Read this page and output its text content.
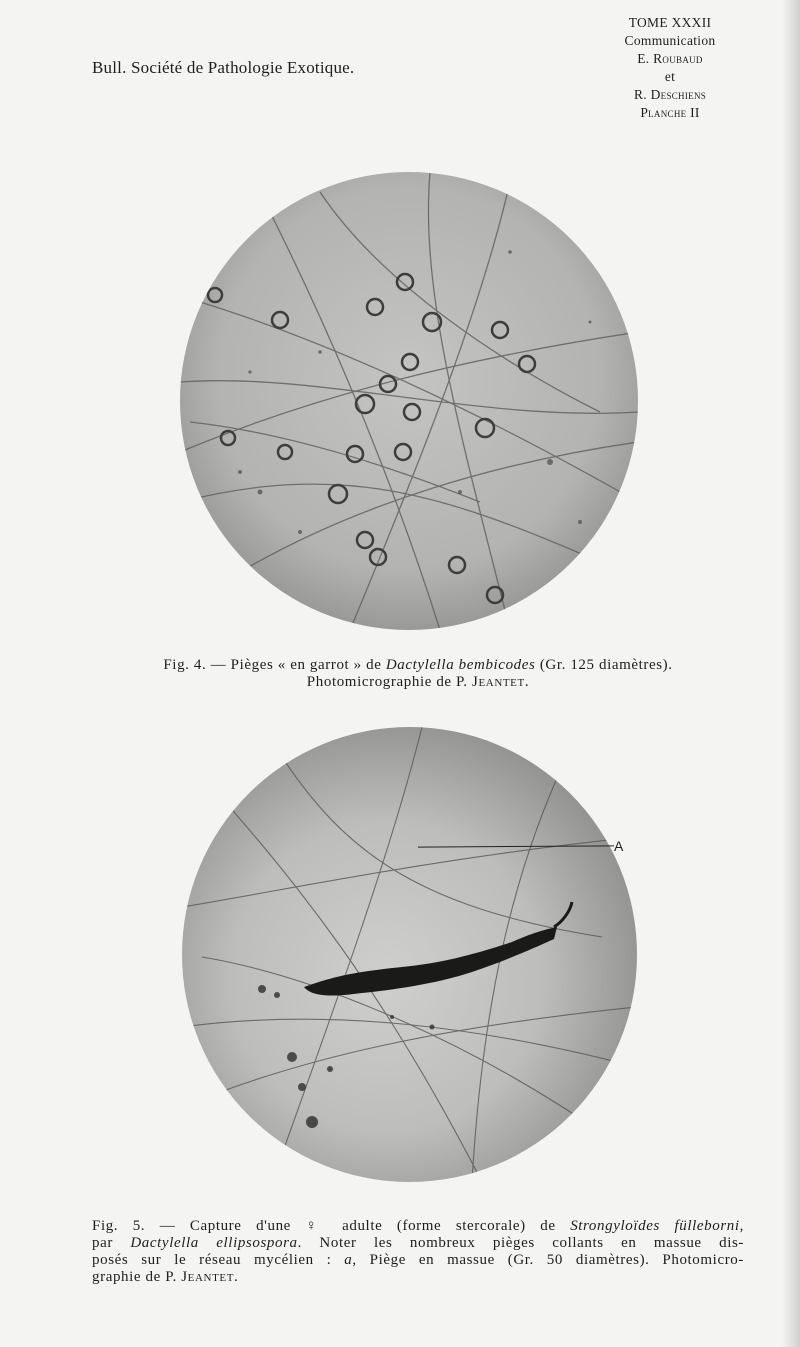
Bull. Société de Pathologie Exotique.
TOME XXXII
Communication
E. Roubaud
et
R. Deschiens
Planche II
Fig. 4. — Pièges « en garrot » de Dactylella bembicodes (Gr. 125 diamètres).
Photomicrographie de P. Jeantet.
A
Fig. 5. — Capture d'une ♀ adulte (forme stercorale) de Strongyloïdes fülleborni,
par Dactylella ellipsospora. Noter les nombreux pièges collants en massue dis-
posés sur le réseau mycélien : a, Piège en massue (Gr. 50 diamètres). Photomicro-
graphie de P. Jeantet.
